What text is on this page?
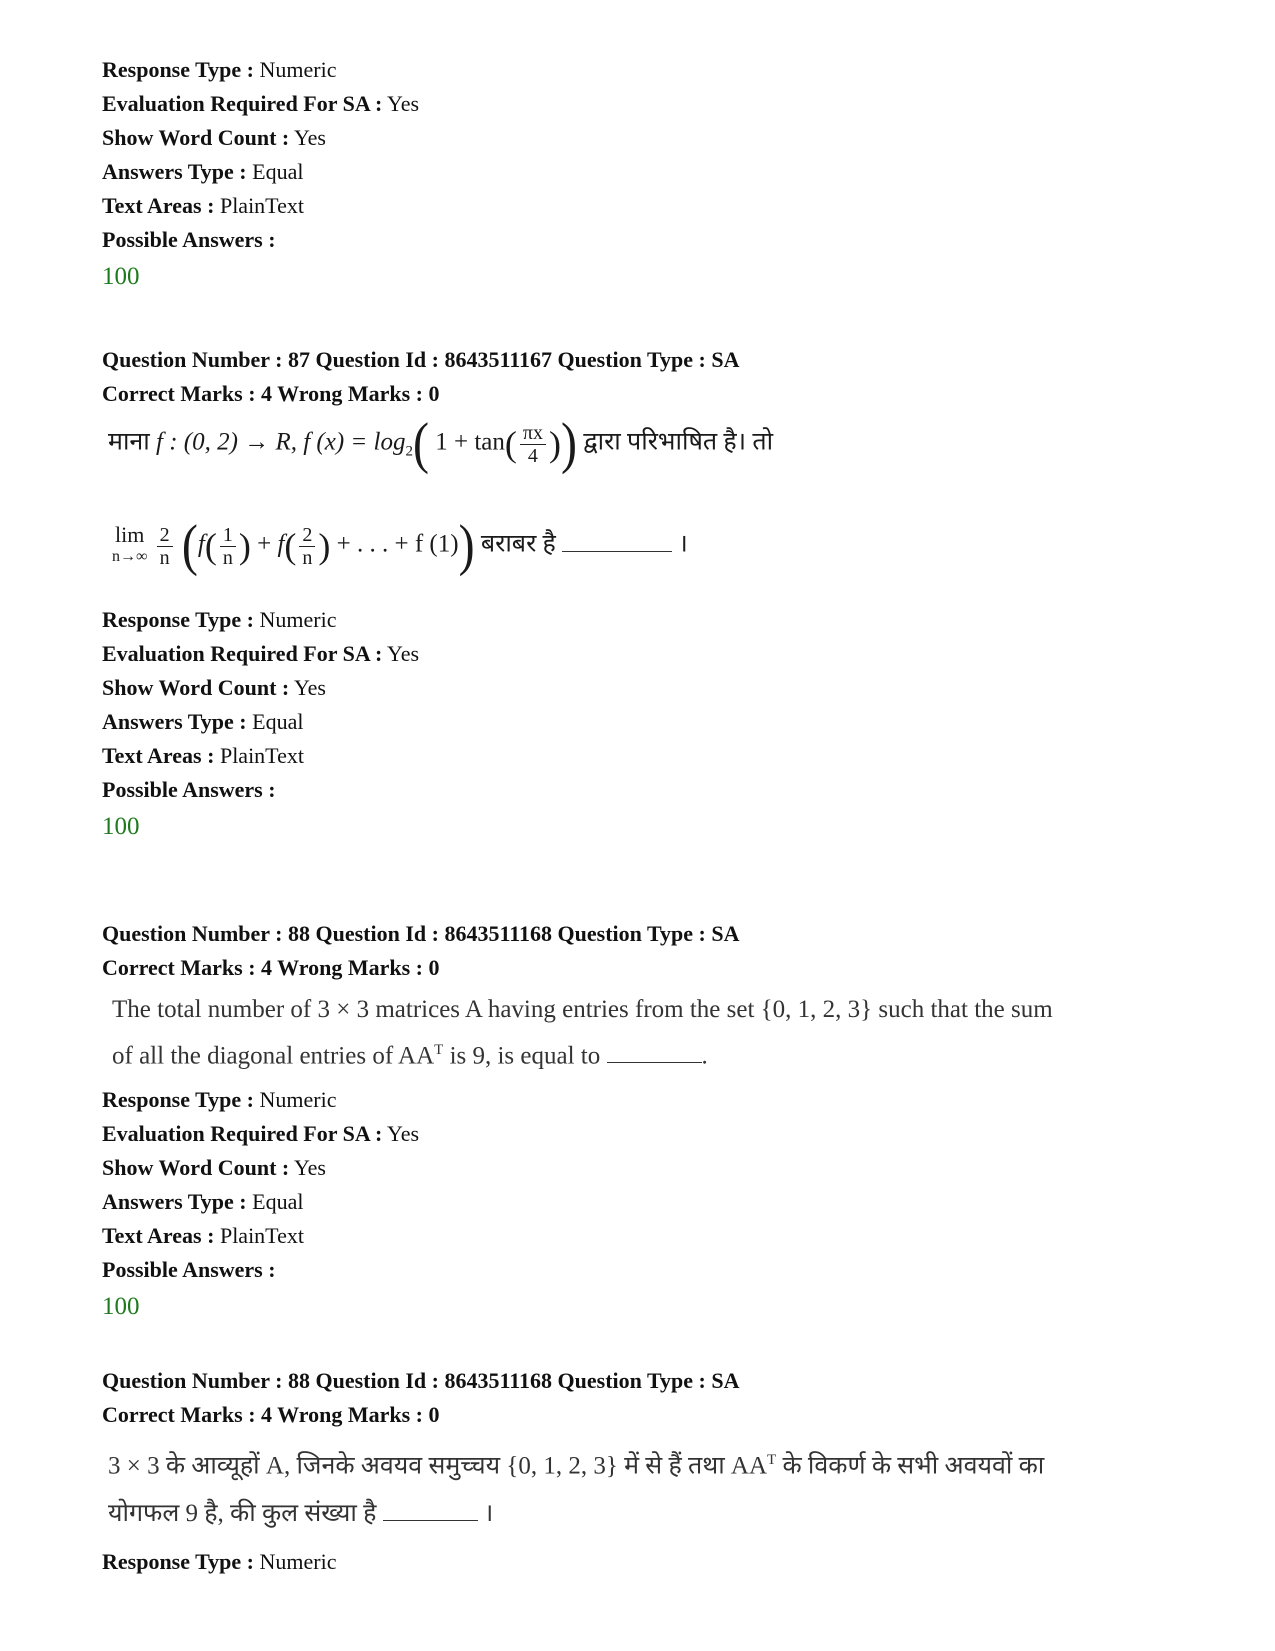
Response Type : Numeric
Evaluation Required For SA : Yes
Show Word Count : Yes
Answers Type : Equal
Text Areas : PlainText
Possible Answers :
100
Question Number : 87 Question Id : 8643511167 Question Type : SA
Correct Marks : 4 Wrong Marks : 0
माना f : (0, 2) → R, f $(x) = \log_2$( $1 + \tan( \frac{\pi x}{4}$ )) द्वारा परिभाषित है। तो
lim
n→∞
$\frac{2}{n} (f( \frac{1}{n}$ ) + $f( \frac{2}{n}$ ) + . . . + f (1)) बराबर है	।
Response Type : Numeric
Evaluation Required For SA : Yes
Show Word Count : Yes
Answers Type : Equal
Text Areas : PlainText
Possible Answers :
100
Question Number : 88 Question Id : 8643511168 Question Type : SA
Correct Marks : 4 Wrong Marks : 0
The total number of 3 × 3 matrices A having entries from the set {0, 1, 2, 3} such that the sum
of all the diagonal entries of $AA^T$ is 9, is equal to	.
Response Type : Numeric
Evaluation Required For SA : Yes
Show Word Count : Yes
Answers Type : Equal
Text Areas : PlainText
Possible Answers :
100
Question Number : 88 Question Id : 8643511168 Question Type : SA
Correct Marks : 4 Wrong Marks : 0
3 × 3 के आव्यूहों A, जिनके अवयव समुच्चय {0, 1, 2, 3} में से हैं तथा $AA^T$ के विकर्ण के सभी अवयवों का
योगफल 9 है, की कुल संख्या है	।
Response Type : Numeric
